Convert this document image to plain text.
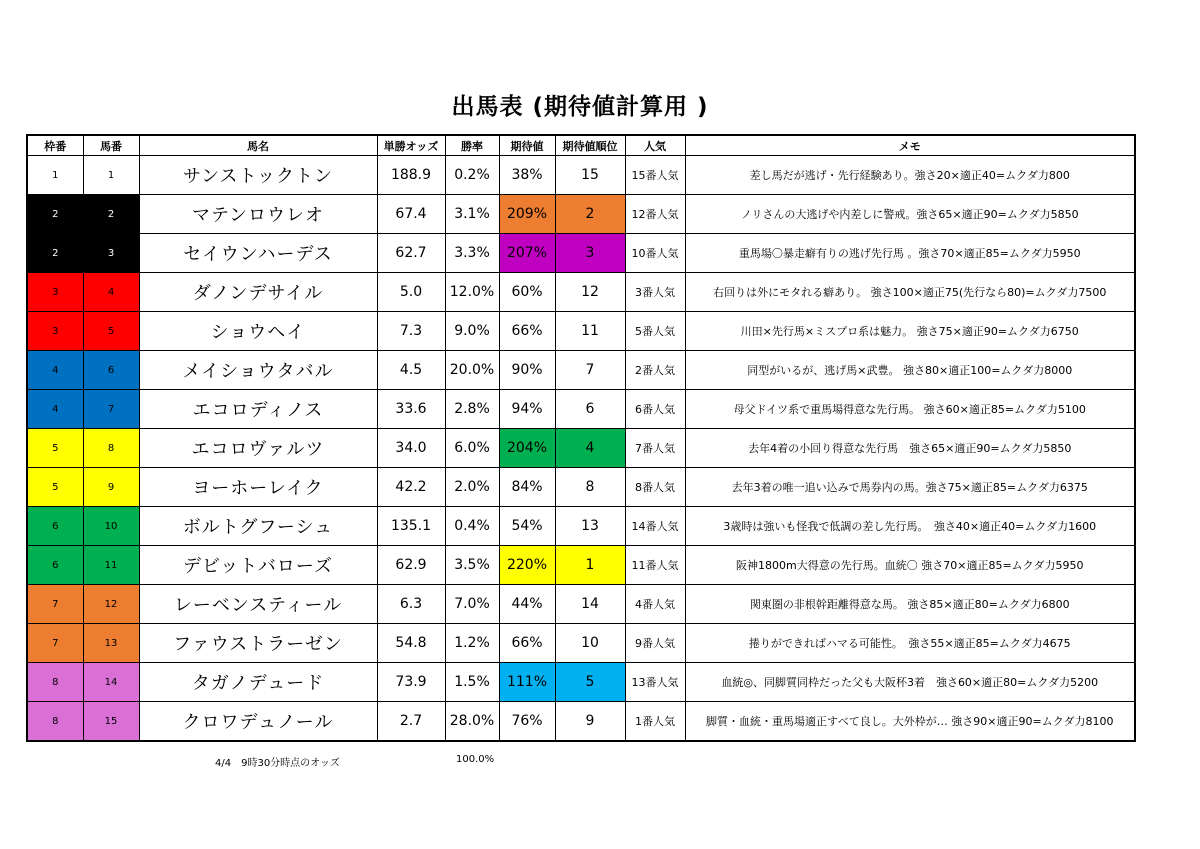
出馬表 (期待値計算用 )
枠番	馬番	馬名	単勝オッズ	勝率	期待値	期待値順位	人気	メモ
1	1	サンストックトン	188.9	0.2%	38%	15	15番人気	差し馬だが逃げ・先行経験あり。強さ20×適正40=ムクダ力800
2	2	マテンロウレオ	67.4	3.1%	209%	2	12番人気	ノリさんの大逃げや内差しに警戒。強さ65×適正90=ムクダ力5850
2	3	セイウンハーデス	62.7	3.3%	207%	3	10番人気	重馬場〇暴走癖有りの逃げ先行馬 。強さ70×適正85=ムクダ力5950
3	4	ダノンデサイル	5.0	12.0%	60%	12	3番人気	右回りは外にモタれる癖あり。 強さ100×適正75(先行なら80)=ムクダ力7500
3	5	ショウヘイ	7.3	9.0%	66%	11	5番人気	川田×先行馬×ミスプロ系は魅力。 強さ75×適正90=ムクダ力6750
4	6	メイショウタバル	4.5	20.0%	90%	7	2番人気	同型がいるが、逃げ馬×武豊。 強さ80×適正100=ムクダ力8000
4	7	エコロディノス	33.6	2.8%	94%	6	6番人気	母父ドイツ系で重馬場得意な先行馬。 強さ60×適正85=ムクダ力5100
5	8	エコロヴァルツ	34.0	6.0%	204%	4	7番人気	去年4着の小回り得意な先行馬　強さ65×適正90=ムクダ力5850
5	9	ヨーホーレイク	42.2	2.0%	84%	8	8番人気	去年3着の唯一追い込みで馬券内の馬。強さ75×適正85=ムクダ力6375
6	10	ボルトグフーシュ	135.1	0.4%	54%	13	14番人気	3歳時は強いも怪我で低調の差し先行馬。　強さ40×適正40=ムクダ力1600
6	11	デビットバローズ	62.9	3.5%	220%	1	11番人気	阪神1800m大得意の先行馬。血統〇 強さ70×適正85=ムクダ力5950
7	12	レーベンスティール	6.3	7.0%	44%	14	4番人気	関東圏の非根幹距離得意な馬。 強さ85×適正80=ムクダ力6800
7	13	ファウストラーゼン	54.8	1.2%	66%	10	9番人気	捲りができればハマる可能性。　強さ55×適正85=ムクダ力4675
8	14	タガノデュード	73.9	1.5%	111%	5	13番人気	血統◎、同脚質同枠だった父も大阪杯3着　強さ60×適正80=ムクダ力5200
8	15	クロワデュノール	2.7	28.0%	76%	9	1番人気	脚質・血統・重馬場適正すべて良し。大外枠が… 強さ90×適正90=ムクダ力8100
4/4　9時30分時点のオッズ	100.0%
